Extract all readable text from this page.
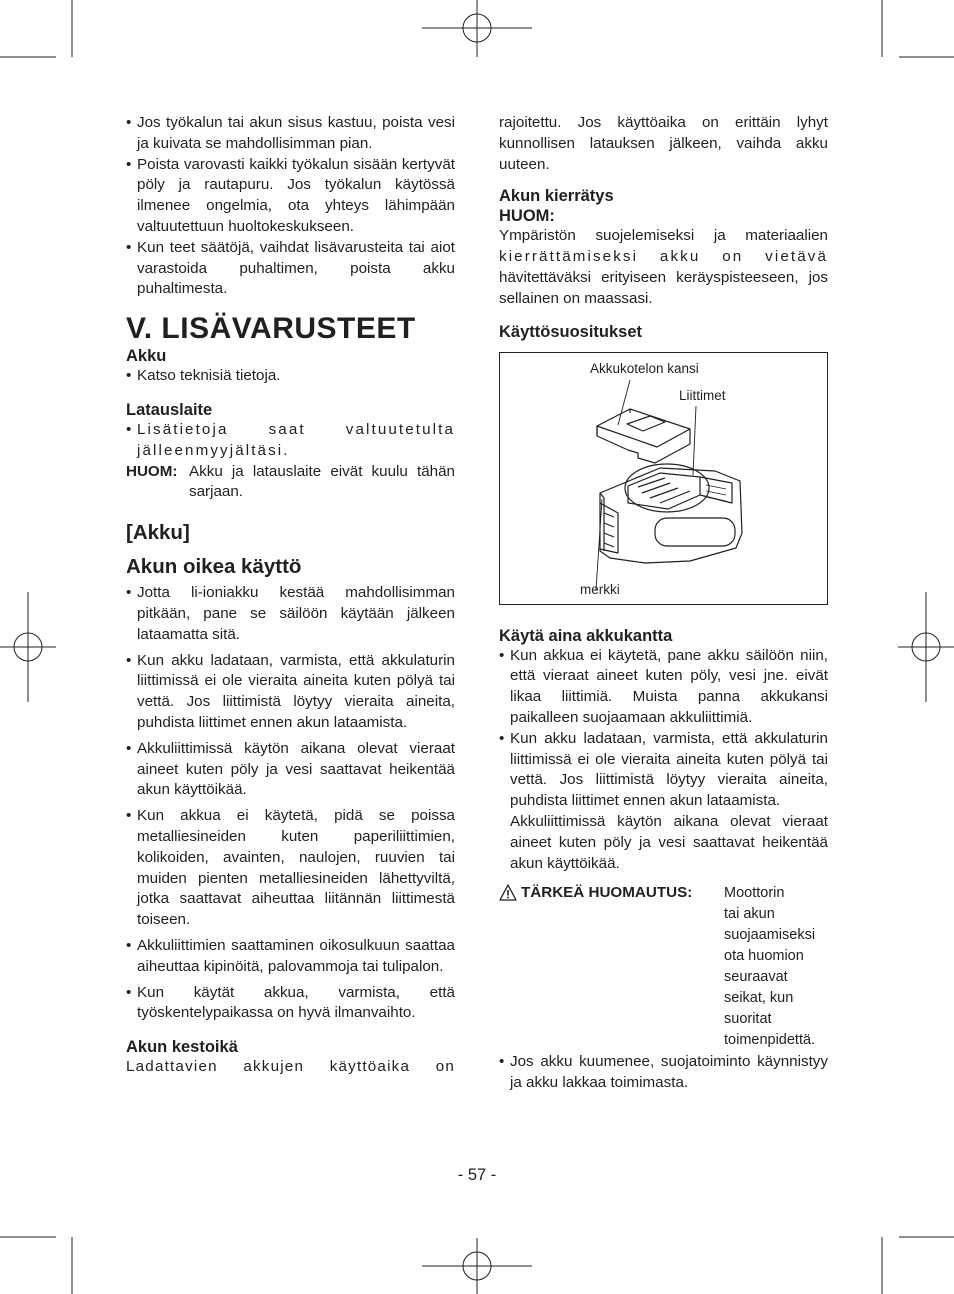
• Jos työkalun tai akun sisus kastuu, poista vesi ja kuivata se mahdollisimman pian.
• Poista varovasti kaikki työkalun sisään kertyvät pöly ja rautapuru. Jos työkalun käytössä ilmenee ongelmia, ota yhteys lähimpään valtuutettuun huoltokeskukseen.
• Kun teet säätöjä, vaihdat lisävarusteita tai aiot varastoida puhaltimen, poista akku puhaltimesta.
V. LISÄVARUSTEET
Akku
• Katso teknisiä tietoja.
Latauslaite
• Lisätietoja saat valtuutetulta jälleenmyyjältäsi.
HUOM: Akku ja latauslaite eivät kuulu tähän sarjaan.
[Akku]
Akun oikea käyttö
• Jotta li-ioniakku kestää mahdollisimman pitkään, pane se säilöön käytään jälkeen lataamatta sitä.
• Kun akku ladataan, varmista, että akkulaturin liittimissä ei ole vieraita aineita kuten pölyä tai vettä. Jos liittimistä löytyy vieraita aineita, puhdista liittimet ennen akun lataamista.
• Akkuliittimissä käytön aikana olevat vieraat aineet kuten pöly ja vesi saattavat heikentää akun käyttöikää.
• Kun akkua ei käytetä, pidä se poissa metalliesineiden kuten paperiliittimien, kolikoiden, avainten, naulojen, ruuvien tai muiden pienten metalliesineiden lähettyviltä, jotka saattavat aiheuttaa liitännän liittimestä toiseen.
• Akkuliittimien saattaminen oikosulkuun saattaa aiheuttaa kipinöitä, palovammoja tai tulipalon.
• Kun käytät akkua, varmista, että työskentelypaikassa on hyvä ilmanvaihto.
Akun kestoikä

Ladattavien akkujen käyttöaika on

rajoitettu. Jos käyttöaika on erittäin lyhyt kunnollisen latauksen jälkeen, vaihda akku uuteen.

Akun kierrätys
HUOM:

Ympäristön suojelemiseksi ja materiaalien

kierrättämiseksi akku on vietävä

hävitettäväksi erityiseen keräyspisteeseen, jos sellainen on maassasi.

Käyttösuositukset
Akkukotelon kansi
Liittimet
merkki
Käytä aina akkukantta
• Kun akkua ei käytetä, pane akku säilöön niin, että vieraat aineet kuten pöly, vesi jne. eivät likaa liittimiä. Muista panna akkukansi paikalleen suojaamaan akkuliittimiä.
• Kun akku ladataan, varmista, että akkulaturin liittimissä ei ole vieraita aineita kuten pölyä tai vettä. Jos liittimistä löytyy vieraita aineita, puhdista liittimet ennen akun lataamista.
Akkuliittimissä käytön aikana olevat vieraat aineet kuten pöly ja vesi saattavat heikentää akun käyttöikää.
TÄRKEÄ HUOMAUTUS: Moottorin
tai akun
suojaamiseksi
ota huomion
seuraavat
seikat, kun
suoritat
toimenpidettä.
• Jos akku kuumenee, suojatoiminto käynnistyy ja akku lakkaa toimimasta.
- 57 -
